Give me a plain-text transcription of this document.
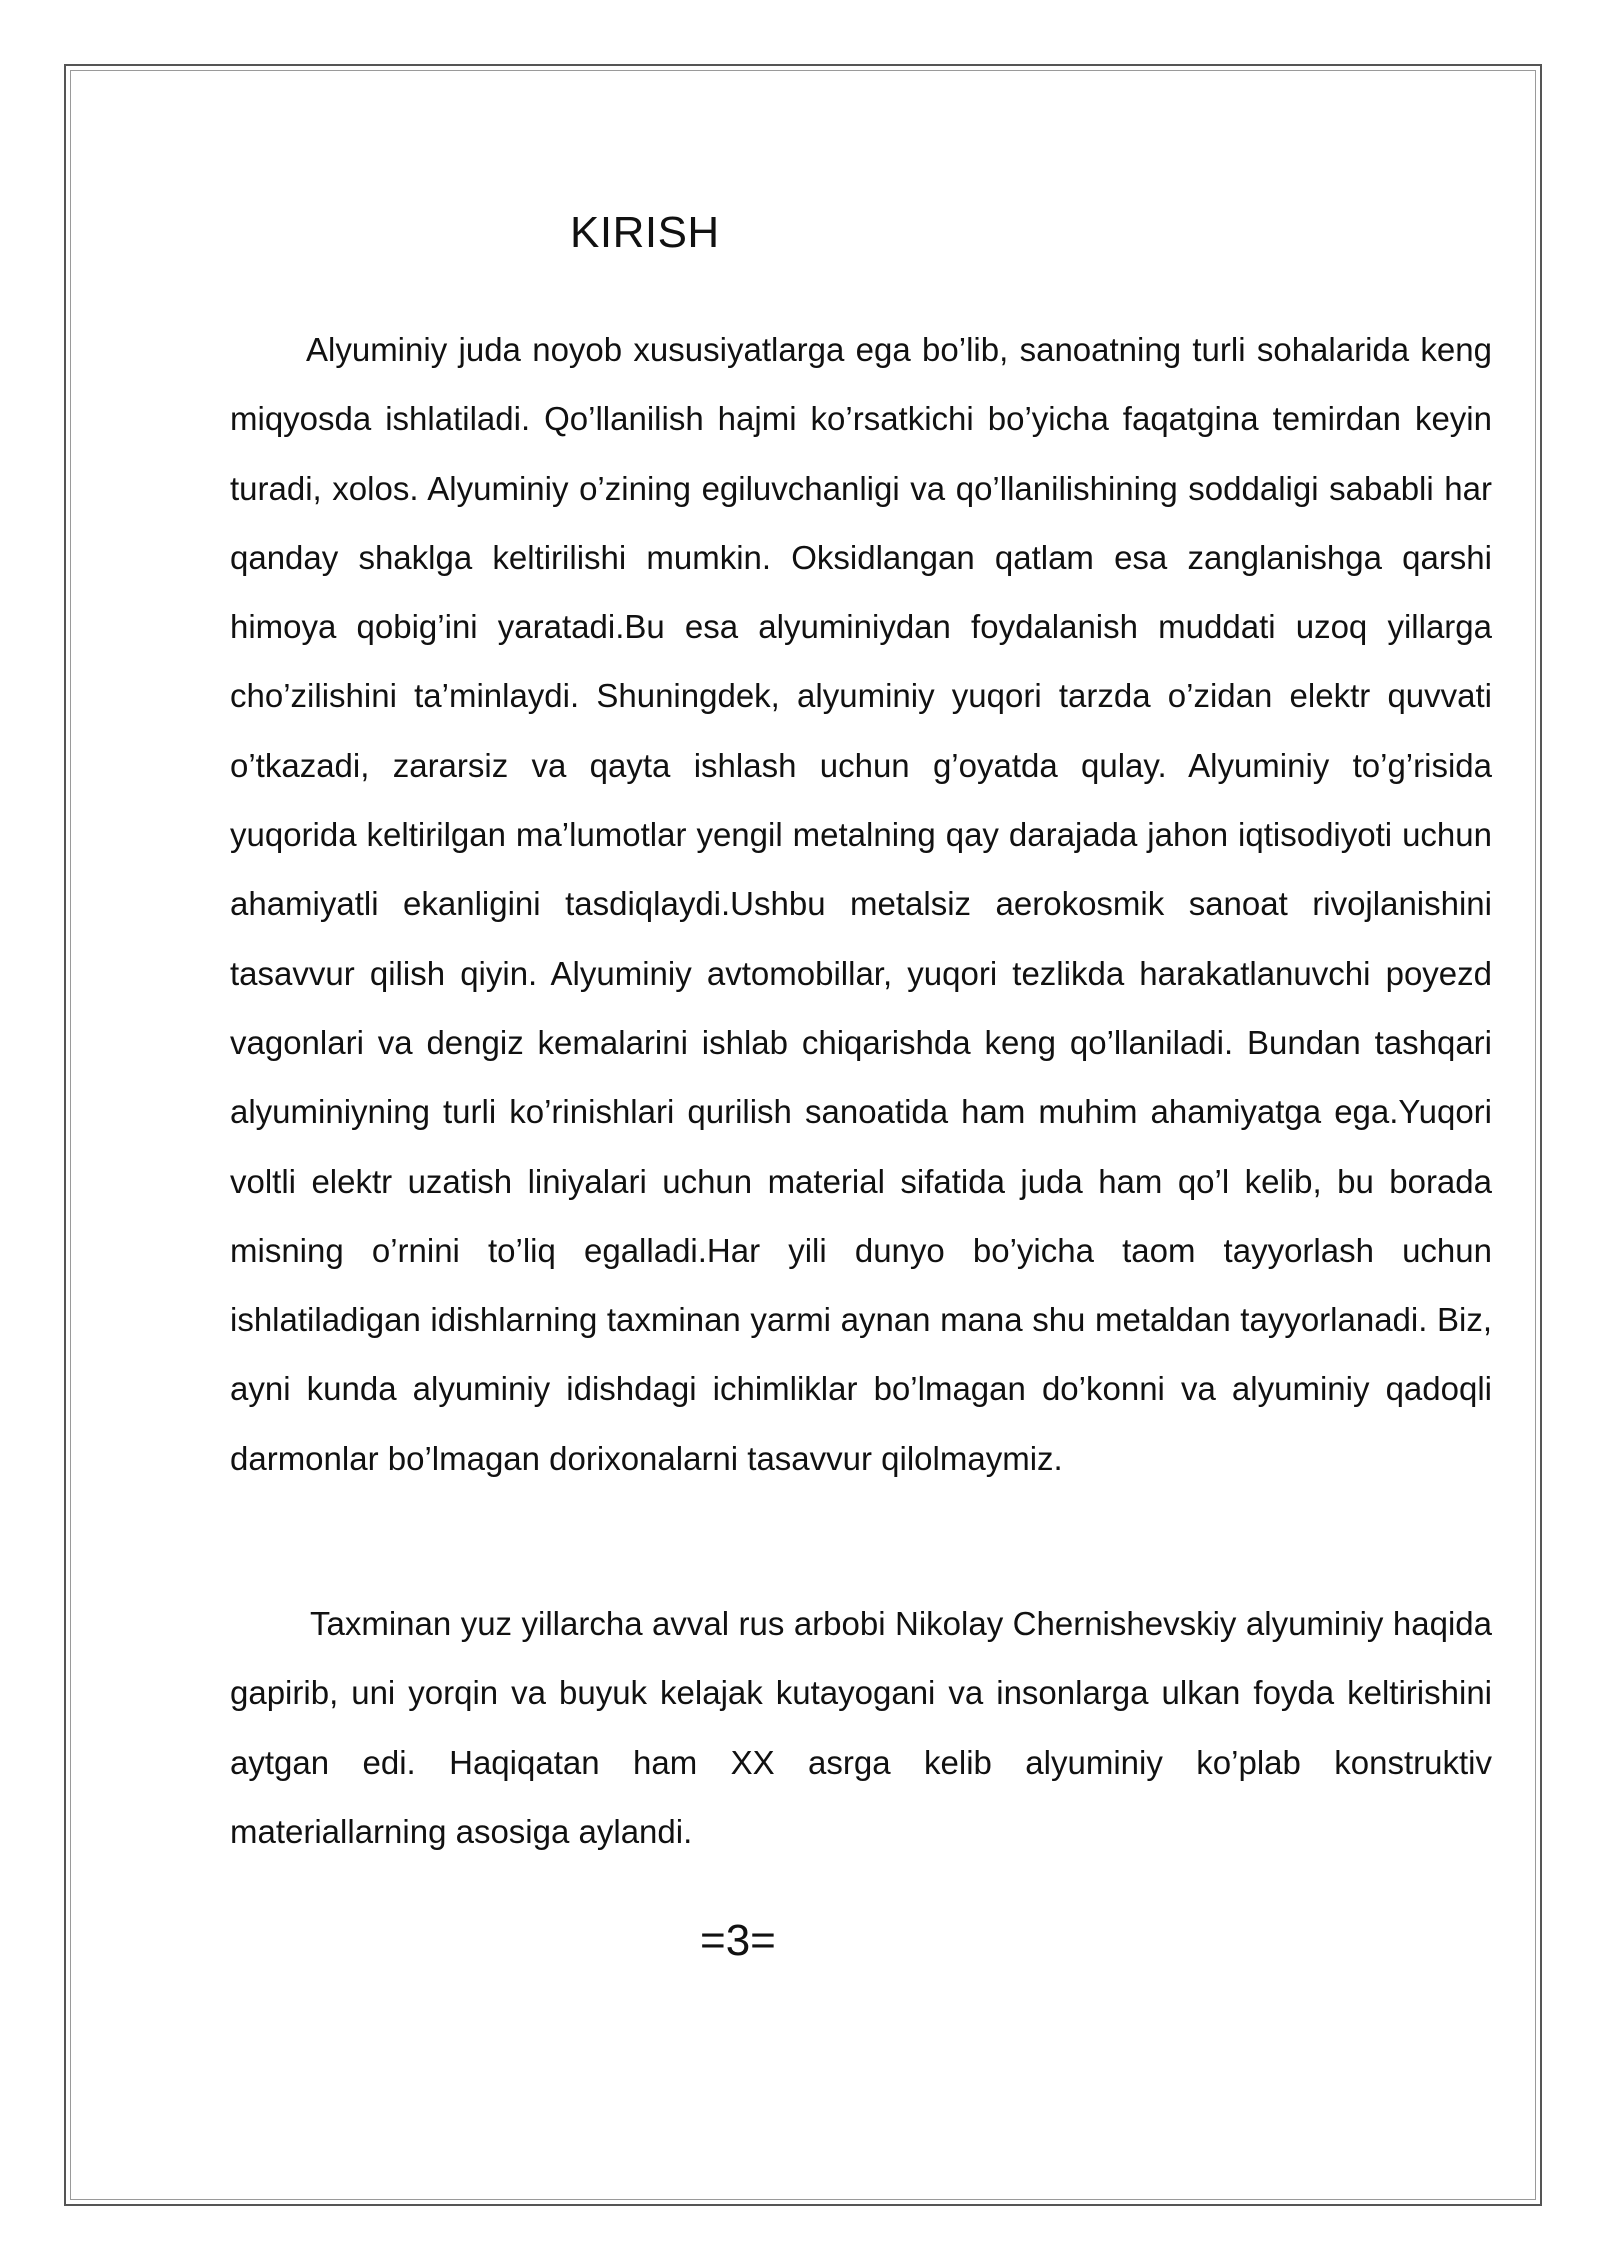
KIRISH

Alyuminiy juda noyob xususiyatlarga ega bo’lib, sanoatning turli sohalarida keng miqyosda ishlatiladi. Qo’llanilish hajmi ko’rsatkichi bo’yicha faqatgina temirdan keyin turadi, xolos. Alyuminiy o’zining egiluvchanligi va qo’llanilishining soddaligi sababli har qanday shaklga keltirilishi mumkin. Oksidlangan qatlam esa zanglanishga qarshi himoya qobig’ini yaratadi.Bu esa alyuminiydan foydalanish muddati uzoq yillarga cho’zilishini ta’minlaydi. Shuningdek, alyuminiy yuqori tarzda o’zidan elektr quvvati o’tkazadi, zararsiz va qayta ishlash uchun g’oyatda qulay. Alyuminiy to’g’risida yuqorida keltirilgan ma’lumotlar yengil metalning qay darajada jahon iqtisodiyoti uchun ahamiyatli ekanligini tasdiqlaydi.Ushbu metalsiz aerokosmik sanoat rivojlanishini tasavvur qilish qiyin. Alyuminiy avtomobillar, yuqori tezlikda harakatlanuvchi poyezd vagonlari va dengiz kemalarini ishlab chiqarishda keng qo’llaniladi. Bundan tashqari alyuminiyning turli ko’rinishlari qurilish sanoatida ham muhim ahamiyatga ega.Yuqori voltli elektr uzatish liniyalari uchun material sifatida juda ham qo’l kelib, bu borada misning o’rnini to’liq egalladi.Har yili dunyo bo’yicha taom tayyorlash uchun ishlatiladigan idishlarning taxminan yarmi aynan mana shu metaldan tayyorlanadi. Biz, ayni kunda alyuminiy idishdagi ichimliklar bo’lmagan do’konni va alyuminiy qadoqli darmonlar bo’lmagan dorixonalarni tasavvur qilolmaymiz.

Taxminan yuz yillarcha avval rus arbobi Nikolay Chernishevskiy alyuminiy haqida gapirib, uni yorqin va buyuk kelajak kutayogani va insonlarga ulkan foyda keltirishini aytgan edi. Haqiqatan ham XX asrga kelib alyuminiy ko’plab konstruktiv materiallarning asosiga aylandi.

=3=
